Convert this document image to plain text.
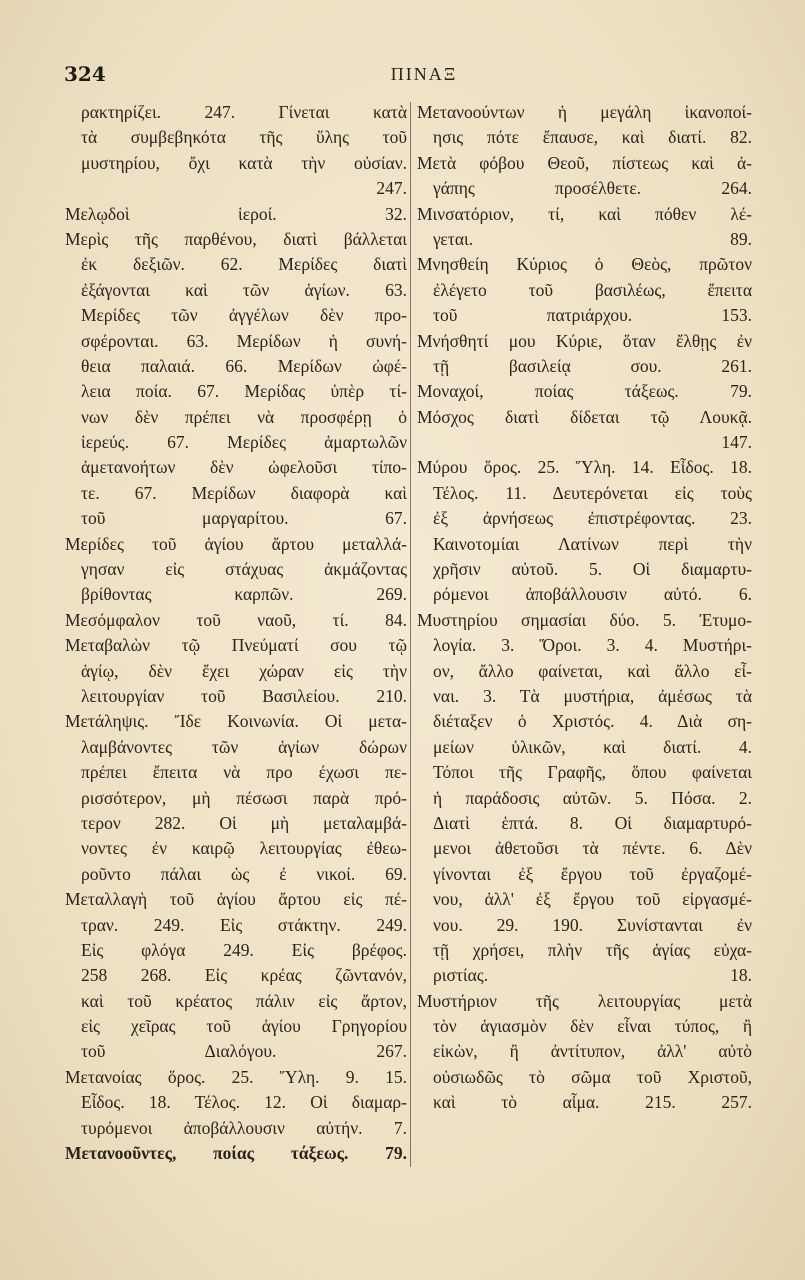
324	ΠΙΝΑΞ
ρακτηρίζει. 247. Γίνεται κατὰ
τὰ συμβεβηκότα τῆς ὕλης τοῦ
μυστηρίου, ὄχι κατὰ τὴν οὐσίαν.
247.
Μελῳδοὶ ἱεροί. 32.
Μερὶς τῆς παρθένου, διατὶ βάλλεται
ἐκ δεξιῶν. 62. Μερίδες διατὶ
ἐξάγονται καὶ τῶν ἁγίων. 63.
Μερίδες τῶν ἀγγέλων δὲν προ-
σφέρονται. 63. Μερίδων ἡ συνή-
θεια παλαιά. 66. Μερίδων ὠφέ-
λεια ποία. 67. Μερίδας ὑπὲρ τί-
νων δὲν πρέπει νὰ προσφέρῃ ὁ
ἱερεύς. 67. Μερίδες ἁμαρτωλῶν
ἀμετανοήτων δὲν ὠφελοῦσι τίπο-
τε. 67. Μερίδων διαφορὰ καὶ
τοῦ μαργαρίτου. 67.
Μερίδες τοῦ ἁγίου ἄρτου μεταλλά-
γησαν εἰς στάχυας ἀκμάζοντας
βρίθοντας καρπῶν. 269.
Μεσόμφαλον τοῦ ναοῦ, τί. 84.
Μεταβαλὼν τῷ Πνεύματί σου τῷ
ἁγίῳ, δὲν ἔχει χώραν εἰς τὴν
λειτουργίαν τοῦ Βασιλείου. 210.
Μετάληψις. Ἴδε Κοινωνία. Οἱ μετα-
λαμβάνοντες τῶν ἁγίων δώρων
πρέπει ἔπειτα νὰ προ έχωσι πε-
ρισσότερον, μὴ πέσωσι παρὰ πρό-
τερον 282. Οἱ μὴ μεταλαμβά-
νοντες ἐν καιρῷ λειτουργίας ἐθεω-
ροῦντο πάλαι ὡς ἐ νικοί. 69.
Μεταλλαγὴ τοῦ ἁγίου ἄρτου εἰς πέ-
τραν. 249. Εἰς στάκτην. 249.
Εἰς φλόγα 249. Εἰς βρέφος.
258 268. Εἰς κρέας ζῶντανόν,
καὶ τοῦ κρέατος πάλιν εἰς ἄρτον,
εἰς χεῖρας τοῦ ἁγίου Γρηγορίου
τοῦ Διαλόγου. 267.
Μετανοίας ὅρος. 25. Ὕλη. 9. 15.
Εἶδος. 18. Τέλος. 12. Οἱ διαμαρ-
τυρόμενοι ἀποβάλλουσιν αὐτήν. 7.
Μετανοοῦντες, ποίας τάξεως. 79.
Μετανοούντων ἡ μεγάλη ἱκανοποί-
ησις πότε ἔπαυσε, καὶ διατί. 82.
Μετὰ φόβου Θεοῦ, πίστεως καὶ ἀ-
γάπης προσέλθετε. 264.
Μινσατόριον, τί, καὶ πόθεν λέ-
γεται. 89.
Μνησθείη Κύριος ὁ Θεὸς, πρῶτον
ἐλέγετο τοῦ βασιλέως, ἔπειτα
τοῦ πατριάρχου. 153.
Μνήσθητί μου Κύριε, ὅταν ἔλθῃς ἐν
τῇ βασιλείᾳ σου. 261.
Μοναχοί, ποίας τάξεως. 79.
Μόσχος διατὶ δίδεται τῷ Λουκᾷ.
147.
Μύρου ὅρος. 25. Ὕλη. 14. Εἶδος. 18.
Τέλος. 11. Δευτερόνεται εἰς τοὺς
ἐξ ἀρνήσεως ἐπιστρέφοντας. 23.
Καινοτομίαι Λατίνων περὶ τὴν
χρῆσιν αὐτοῦ. 5. Οἱ διαμαρτυ-
ρόμενοι ἀποβάλλουσιν αὐτό. 6.
Μυστηρίου σημασίαι δύο. 5. Ἐτυμο-
λογία. 3. Ὅροι. 3. 4. Μυστήρι-
ον, ἄλλο φαίνεται, καὶ ἄλλο εἶ-
ναι. 3. Τὰ μυστήρια, ἀμέσως τὰ
διέταξεν ὁ Χριστός. 4. Διὰ ση-
μείων ὑλικῶν, καὶ διατί. 4.
Τόποι τῆς Γραφῆς, ὅπου φαίνεται
ἡ παράδοσις αὐτῶν. 5. Πόσα. 2.
Διατὶ ἑπτά. 8. Οἱ διαμαρτυρό-
μενοι ἀθετοῦσι τὰ πέντε. 6. Δὲν
γίνονται ἐξ ἔργου τοῦ ἐργαζομέ-
νου, ἀλλ' ἐξ ἔργου τοῦ εἰργασμέ-
νου. 29. 190. Συνίστανται ἐν
τῇ χρήσει, πλὴν τῆς ἁγίας εὐχα-
ριστίας. 18.
Μυστήριον τῆς λειτουργίας μετὰ
τὸν ἁγιασμὸν δὲν εἶναι τύπος, ἢ
εἰκὼν, ἢ ἀντίτυπον, ἀλλ' αὐτὸ
οὐσιωδῶς τὸ σῶμα τοῦ Χριστοῦ,
καὶ τὸ αἷμα. 215. 257.
